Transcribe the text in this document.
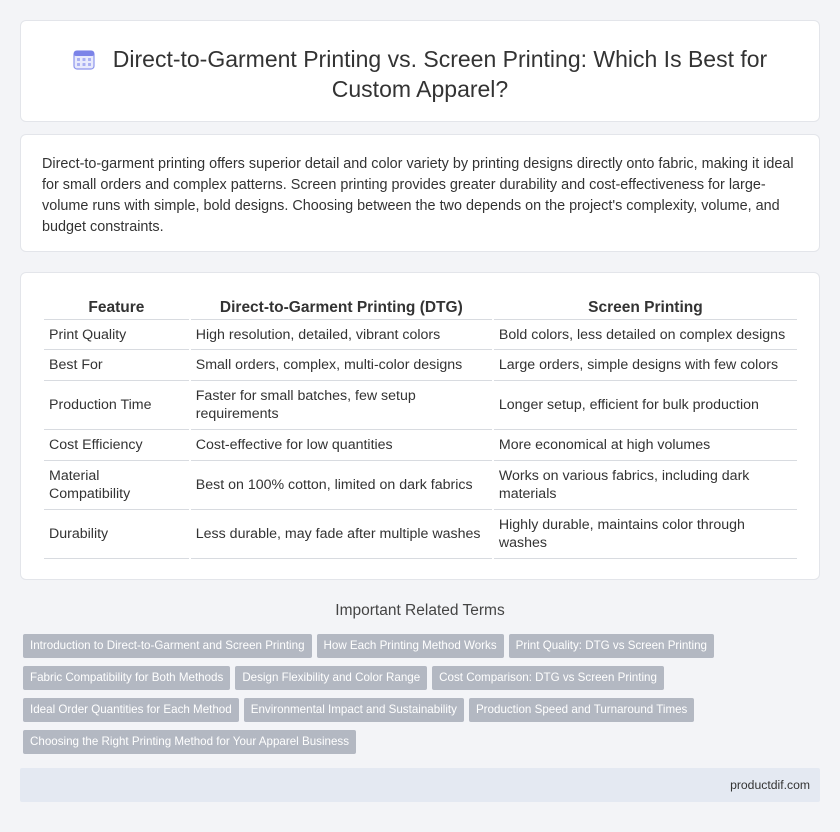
Direct-to-Garment Printing vs. Screen Printing: Which Is Best for Custom Apparel?

Direct-to-garment printing offers superior detail and color variety by printing designs directly onto fabric, making it ideal for small orders and complex patterns. Screen printing provides greater durability and cost-effectiveness for large-volume runs with simple, bold designs. Choosing between the two depends on the project's complexity, volume, and budget constraints.

Feature	Direct-to-Garment Printing (DTG)	Screen Printing
Print Quality	High resolution, detailed, vibrant colors	Bold colors, less detailed on complex designs
Best For	Small orders, complex, multi-color designs	Large orders, simple designs with few colors
Production Time	Faster for small batches, few setup requirements	Longer setup, efficient for bulk production
Cost Efficiency	Cost-effective for low quantities	More economical at high volumes
Material Compatibility	Best on 100% cotton, limited on dark fabrics	Works on various fabrics, including dark materials
Durability	Less durable, may fade after multiple washes	Highly durable, maintains color through washes
Important Related Terms
Introduction to Direct-to-Garment and Screen Printing How Each Printing Method Works Print Quality: DTG vs Screen Printing
Fabric Compatibility for Both Methods Design Flexibility and Color Range Cost Comparison: DTG vs Screen Printing
Ideal Order Quantities for Each Method Environmental Impact and Sustainability Production Speed and Turnaround Times
Choosing the Right Printing Method for Your Apparel Business
productdif.com
